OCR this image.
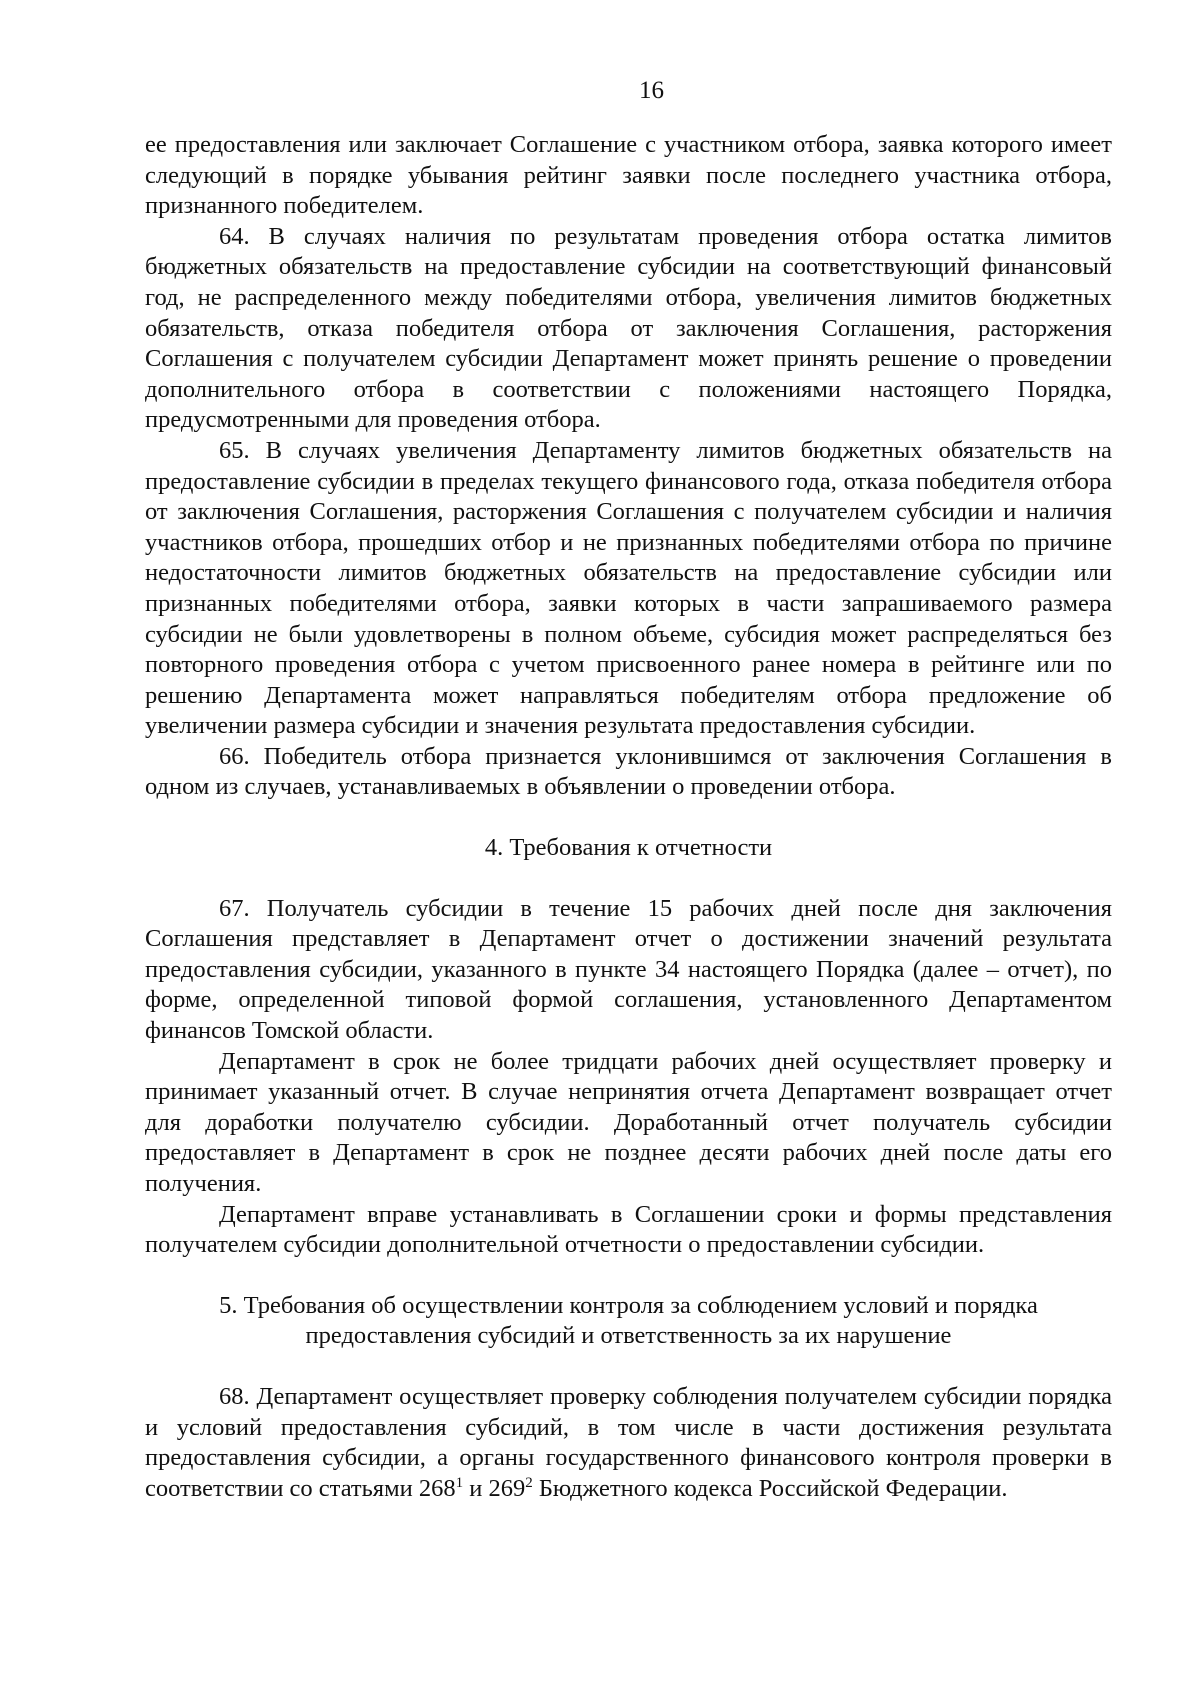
16

ее предоставления или заключает Соглашение с участником отбора, заявка которого имеет следующий в порядке убывания рейтинг заявки после последнего участника отбора, признанного победителем.

64. В случаях наличия по результатам проведения отбора остатка лимитов бюджетных обязательств на предоставление субсидии на соответствующий финансовый год, не распределенного между победителями отбора, увеличения лимитов бюджетных обязательств, отказа победителя отбора от заключения Соглашения, расторжения Соглашения с получателем субсидии Департамент может принять решение о проведении дополнительного отбора в соответствии с положениями настоящего Порядка, предусмотренными для проведения отбора.

65. В случаях увеличения Департаменту лимитов бюджетных обязательств на предоставление субсидии в пределах текущего финансового года, отказа победителя отбора от заключения Соглашения, расторжения Соглашения с получателем субсидии и наличия участников отбора, прошедших отбор и не признанных победителями отбора по причине недостаточности лимитов бюджетных обязательств на предоставление субсидии или признанных победителями отбора, заявки которых в части запрашиваемого размера субсидии не были удовлетворены в полном объеме, субсидия может распределяться без повторного проведения отбора с учетом присвоенного ранее номера в рейтинге или по решению Департамента может направляться победителям отбора предложение об увеличении размера субсидии и значения результата предоставления субсидии.

66. Победитель отбора признается уклонившимся от заключения Соглашения в одном из случаев, устанавливаемых в объявлении о проведении отбора.

4. Требования к отчетности

67. Получатель субсидии в течение 15 рабочих дней после дня заключения Соглашения представляет в Департамент отчет о достижении значений результата предоставления субсидии, указанного в пункте 34 настоящего Порядка (далее – отчет), по форме, определенной типовой формой соглашения, установленного Департаментом финансов Томской области.

Департамент в срок не более тридцати рабочих дней осуществляет проверку и принимает указанный отчет. В случае непринятия отчета Департамент возвращает отчет для доработки получателю субсидии. Доработанный отчет получатель субсидии предоставляет в Департамент в срок не позднее десяти рабочих дней после даты его получения.

Департамент вправе устанавливать в Соглашении сроки и формы представления получателем субсидии дополнительной отчетности о предоставлении субсидии.

5. Требования об осуществлении контроля за соблюдением условий и порядка
предоставления субсидий и ответственность за их нарушение

68. Департамент осуществляет проверку соблюдения получателем субсидии порядка и условий предоставления субсидий, в том числе в части достижения результата предоставления субсидии, а органы государственного финансового контроля проверки в соответствии со статьями $268^1$ и $269^2$ Бюджетного кодекса Российской Федерации.
